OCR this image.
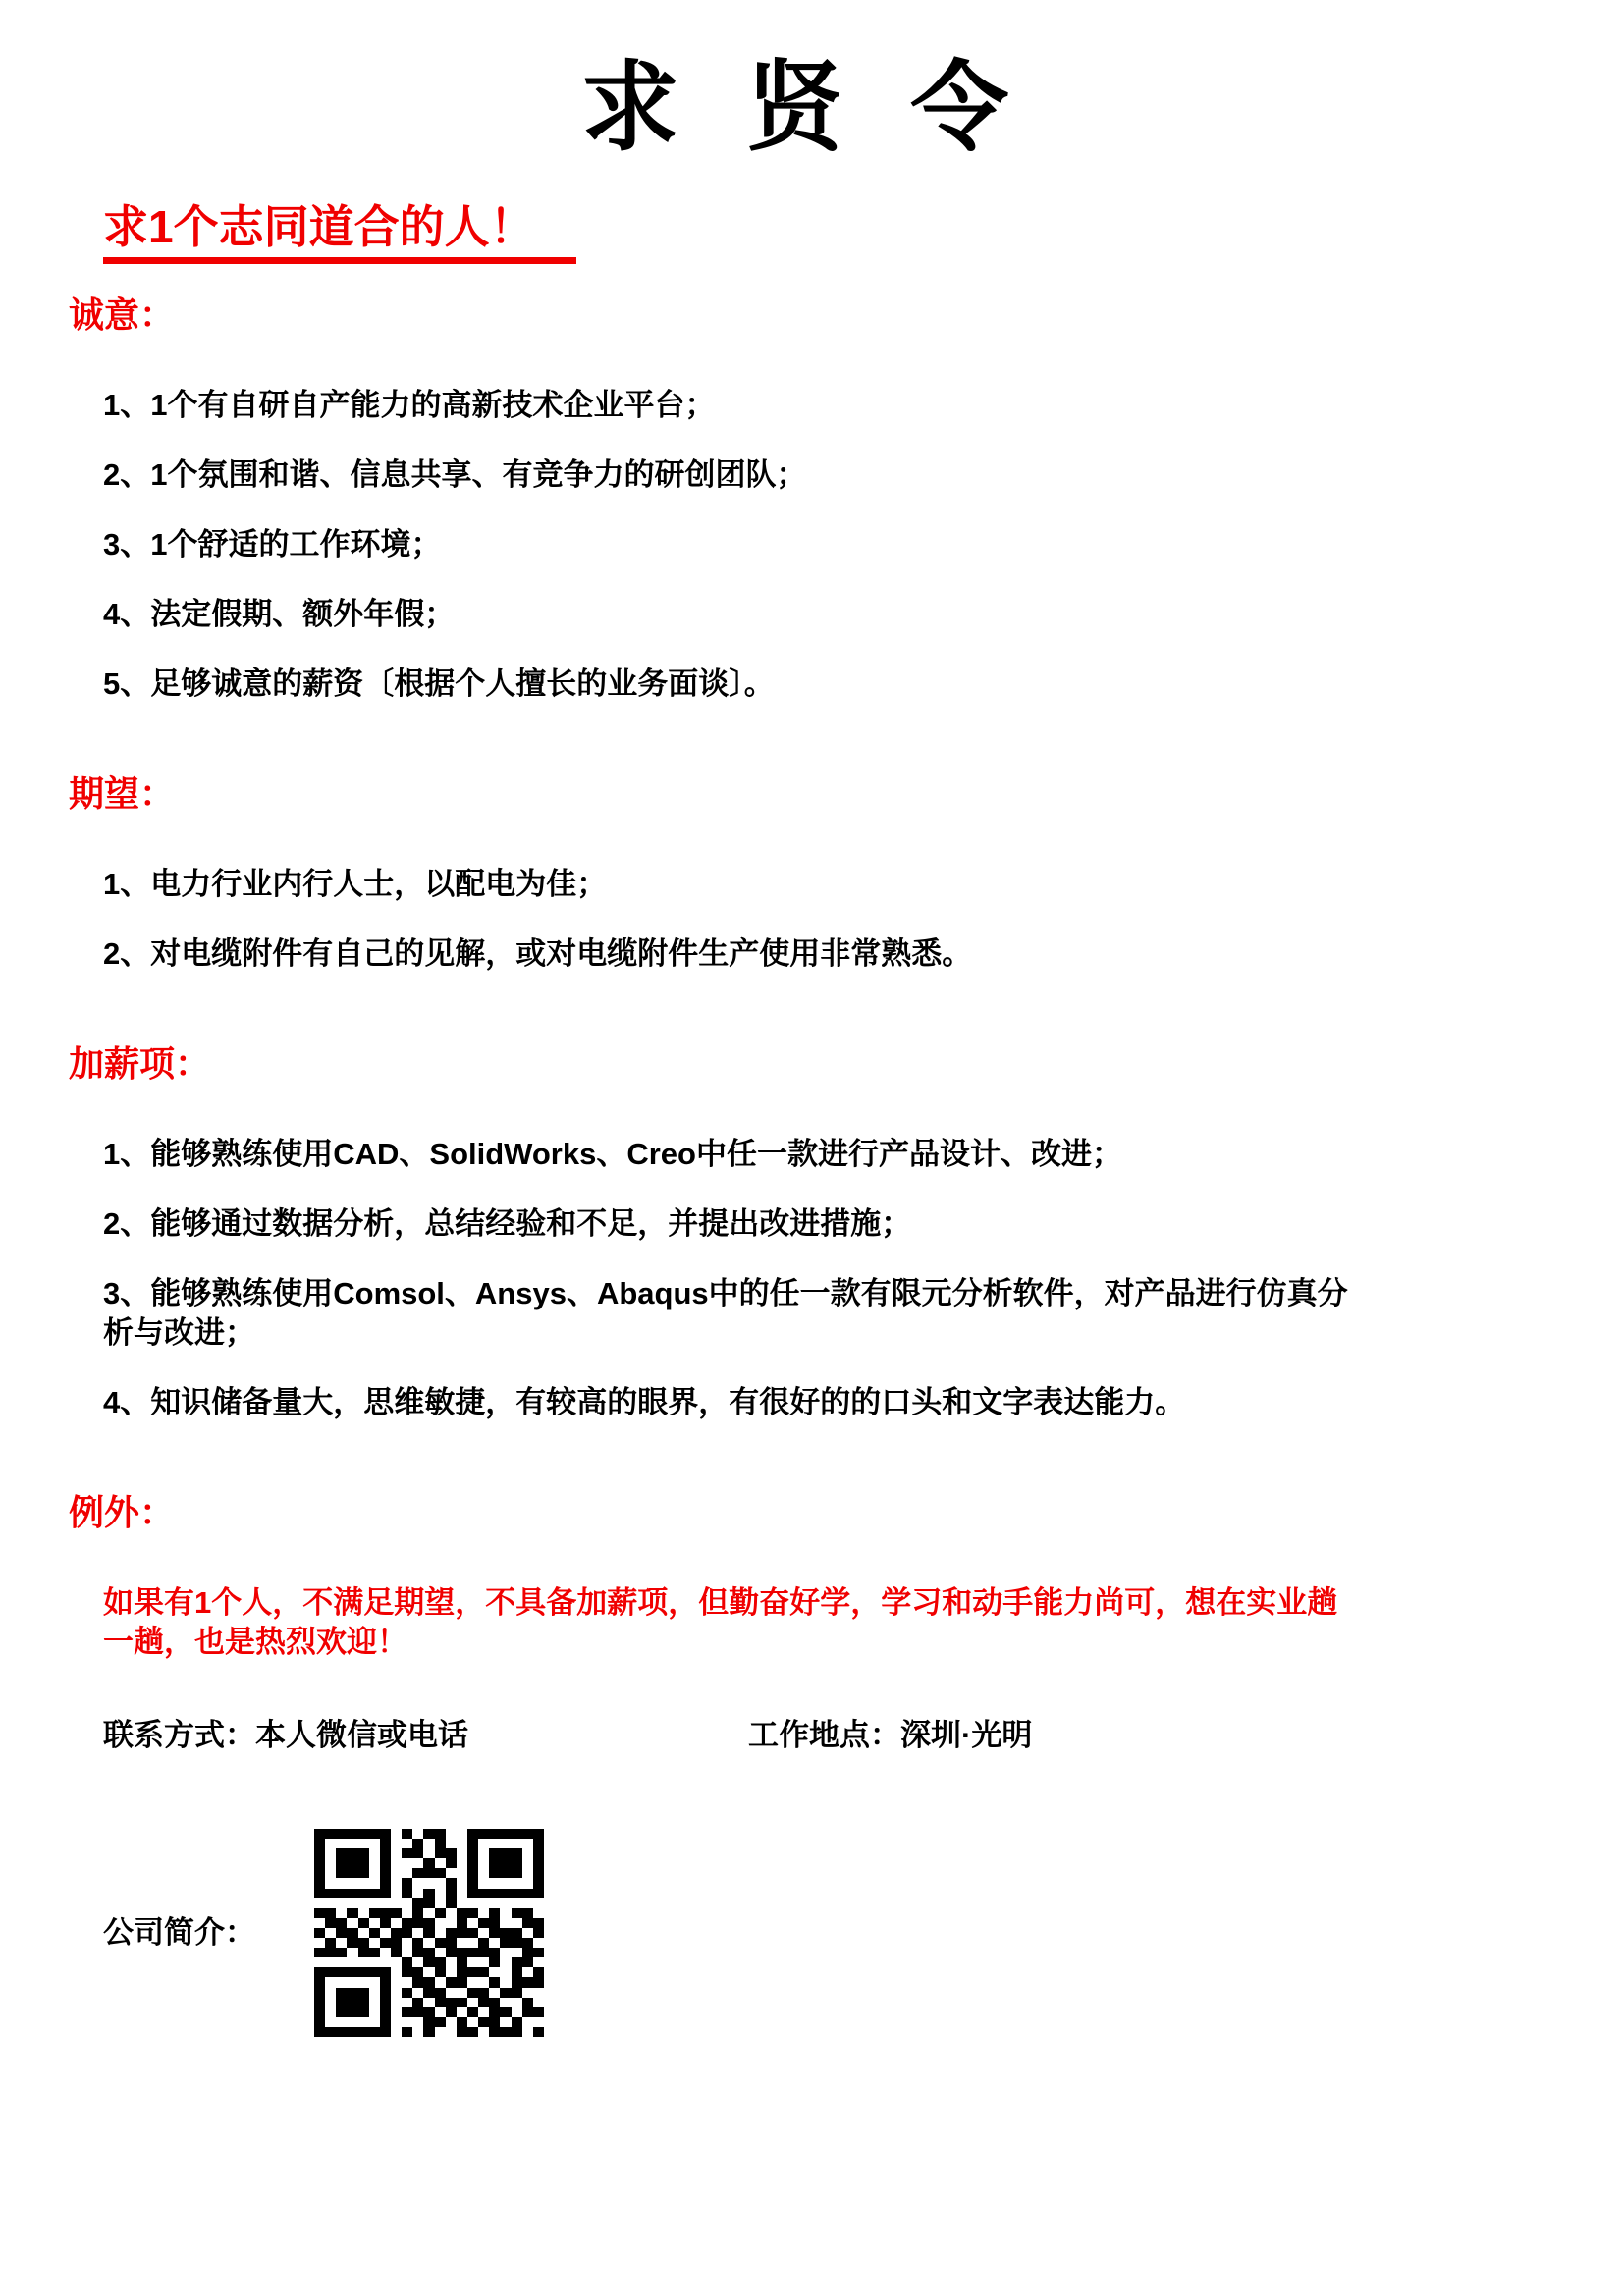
求 贤 令
求1个志同道合的人！
诚意：
1、1个有自研自产能力的高新技术企业平台；
2、1个氛围和谐、信息共享、有竞争力的研创团队；
3、1个舒适的工作环境；
4、法定假期、额外年假；
5、足够诚意的薪资〔根据个人擅长的业务面谈〕。
期望：
1、电力行业内行人士，以配电为佳；
2、对电缆附件有自己的见解，或对电缆附件生产使用非常熟悉。
加薪项：
1、能够熟练使用CAD、SolidWorks、Creo中任一款进行产品设计、改进；
2、能够通过数据分析，总结经验和不足，并提出改进措施；
3、能够熟练使用Comsol、Ansys、Abaqus中的任一款有限元分析软件，对产品进行仿真分
析与改进；
4、知识储备量大，思维敏捷，有较高的眼界，有很好的的口头和文字表达能力。
例外：
如果有1个人，不满足期望，不具备加薪项，但勤奋好学，学习和动手能力尚可，想在实业趟
一趟，也是热烈欢迎！
联系方式：本人微信或电话	工作地点：深圳·光明
公司简介：
